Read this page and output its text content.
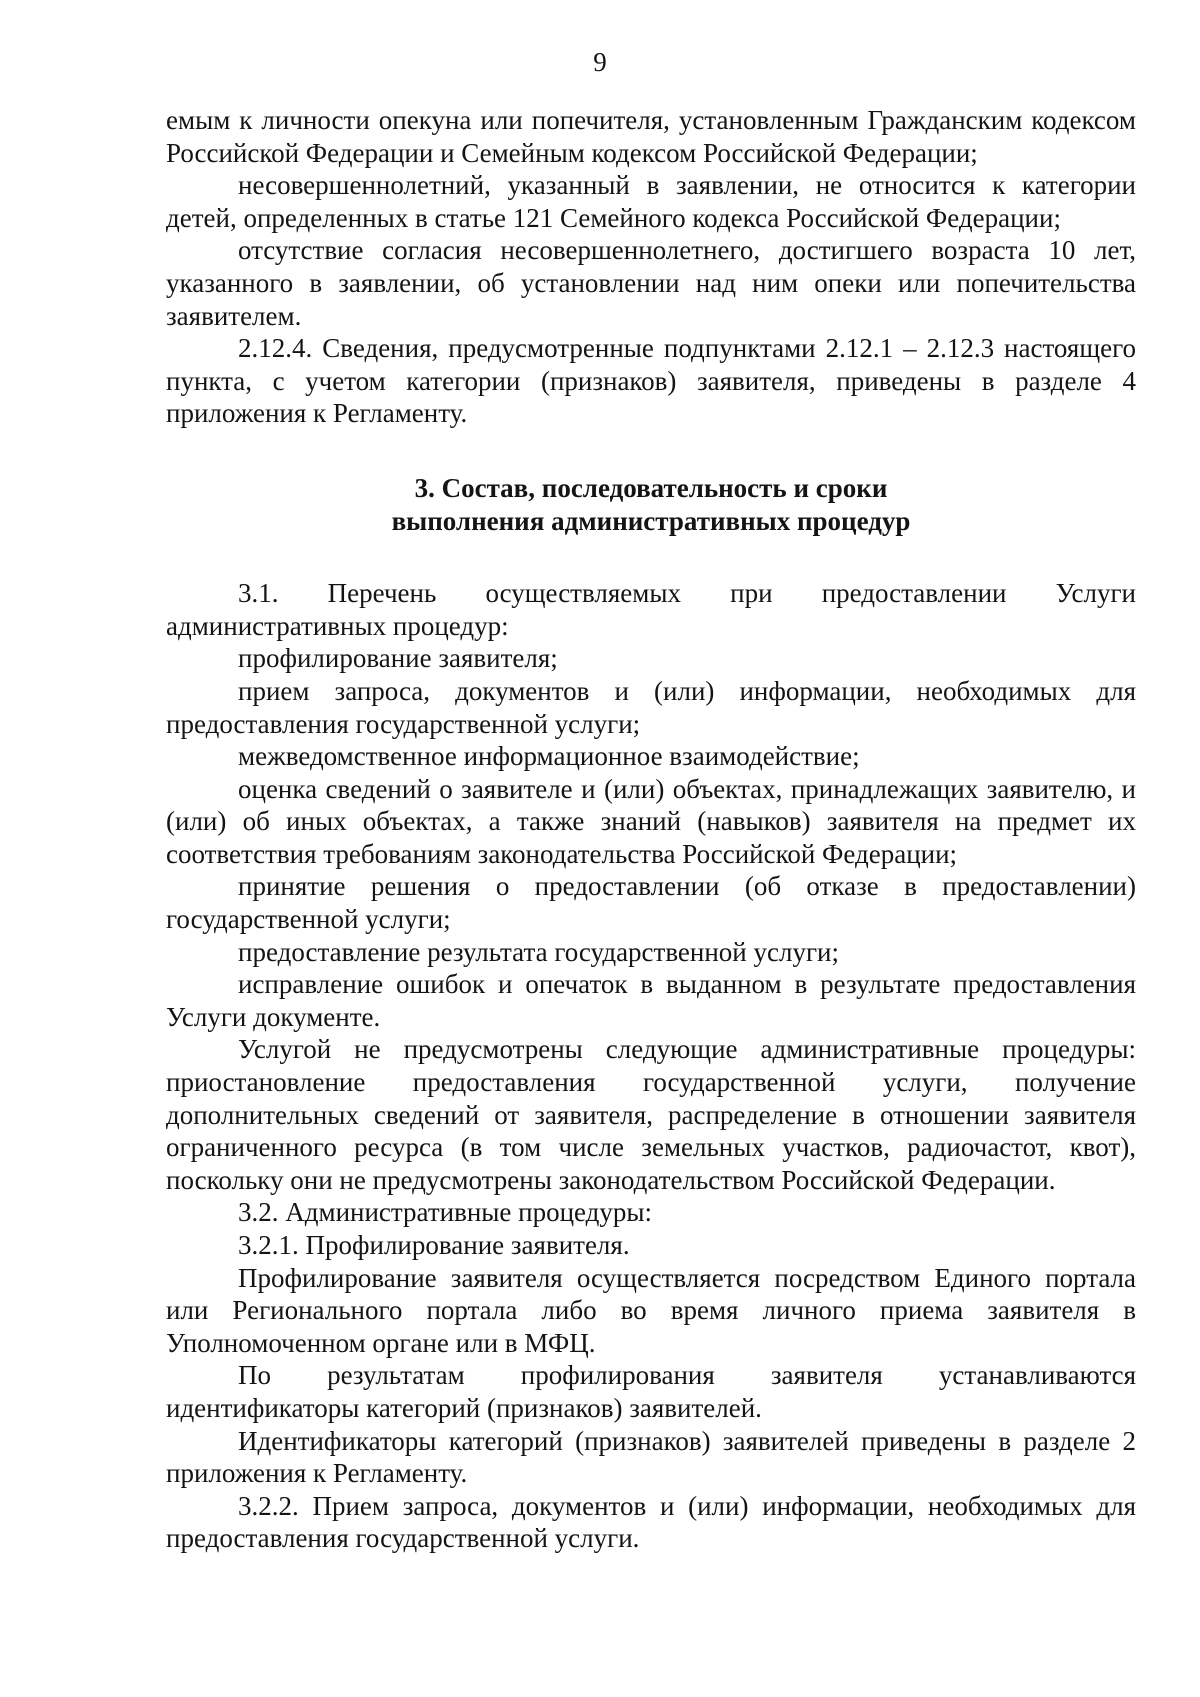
9

емым к личности опекуна или попечителя, установленным Гражданским кодексом Российской Федерации и Семейным кодексом Российской Федерации;

несовершеннолетний, указанный в заявлении, не относится к категории детей, определенных в статье 121 Семейного кодекса Российской Федерации;

отсутствие согласия несовершеннолетнего, достигшего возраста 10 лет, указанного в заявлении, об установлении над ним опеки или попечительства заявителем.

2.12.4. Сведения, предусмотренные подпунктами 2.12.1 – 2.12.3 настоящего пункта, с учетом категории (признаков) заявителя, приведены в разделе 4 приложения к Регламенту.

3. Состав, последовательность и сроки
выполнения административных процедур

3.1. Перечень осуществляемых при предоставлении Услуги административных процедур:

профилирование заявителя;

прием запроса, документов и (или) информации, необходимых для предоставления государственной услуги;

межведомственное информационное взаимодействие;

оценка сведений о заявителе и (или) объектах, принадлежащих заявителю, и (или) об иных объектах, а также знаний (навыков) заявителя на предмет их соответствия требованиям законодательства Российской Федерации;

принятие решения о предоставлении (об отказе в предоставлении) государственной услуги;

предоставление результата государственной услуги;

исправление ошибок и опечаток в выданном в результате предоставления Услуги документе.

Услугой не предусмотрены следующие административные процедуры: приостановление предоставления государственной услуги, получение дополнительных сведений от заявителя, распределение в отношении заявителя ограниченного ресурса (в том числе земельных участков, радиочастот, квот), поскольку они не предусмотрены законодательством Российской Федерации.

3.2. Административные процедуры:

3.2.1. Профилирование заявителя.

Профилирование заявителя осуществляется посредством Единого портала или Регионального портала либо во время личного приема заявителя в Уполномоченном органе или в МФЦ.

По результатам профилирования заявителя устанавливаются идентификаторы категорий (признаков) заявителей.

Идентификаторы категорий (признаков) заявителей приведены в разделе 2 приложения к Регламенту.

3.2.2. Прием запроса, документов и (или) информации, необходимых для предоставления государственной услуги.
